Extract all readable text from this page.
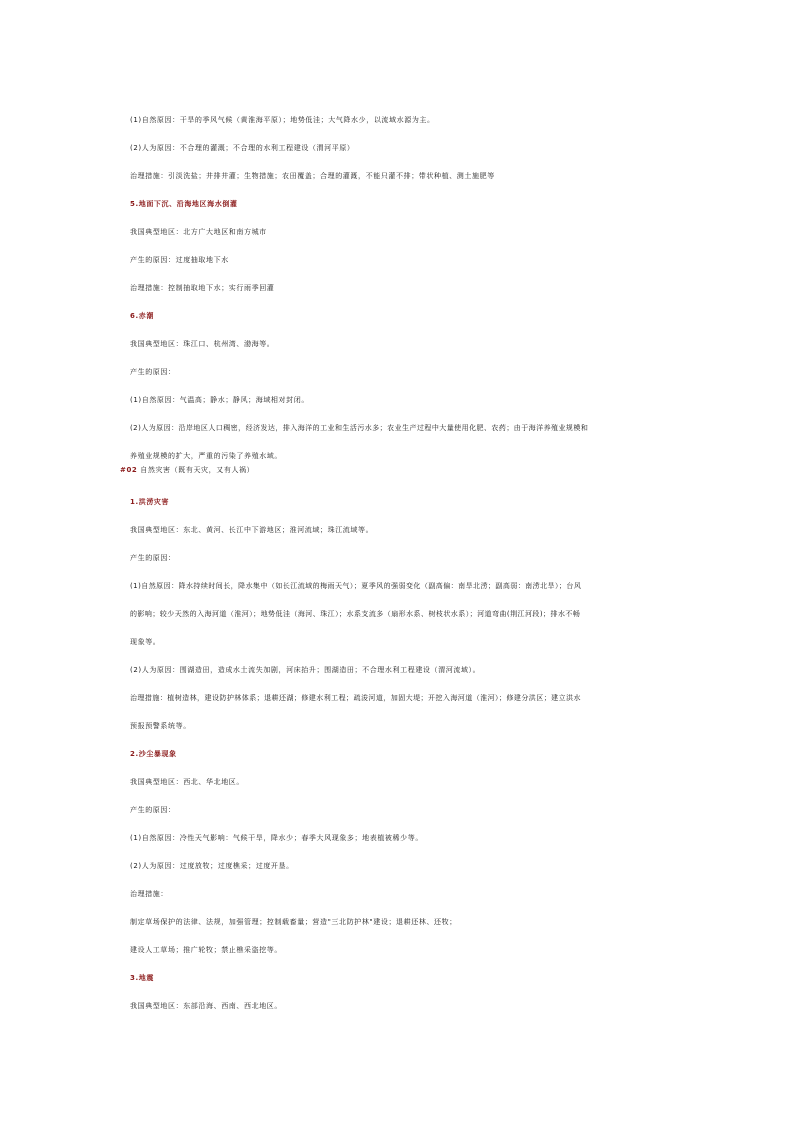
(1)自然原因：干旱的季风气候（黄淮海平原）；地势低洼；大气降水少，以流域水源为主。
(2)人为原因：不合理的灌溉；不合理的水利工程建设（渭河平原）
治理措施：引淡洗盐；井排井灌；生物措施；农田覆盖；合理的灌溉，不能只灌不排；带状种植、测土施肥等
5.地面下沉、沿海地区海水倒灌
我国典型地区：北方广大地区和南方城市
产生的原因：过度抽取地下水
治理措施：控制抽取地下水；实行雨季回灌
6.赤潮
我国典型地区：珠江口、杭州湾、渤海等。
产生的原因：
(1)自然原因：气温高；静水；静风；海域相对封闭。
(2)人为原因：沿岸地区人口稠密，经济发达，排入海洋的工业和生活污水多；农业生产过程中大量使用化肥、农药；由于海洋养殖业规模和
养殖业规模的扩大，严重的污染了养殖水域。
#02 自然灾害（既有天灾，又有人祸）
1.洪涝灾害
我国典型地区：东北、黄河、长江中下游地区；淮河流域；珠江流域等。
产生的原因：
(1)自然原因：降水持续时间长，降水集中（如长江流域的梅雨天气）；夏季风的强弱变化（副高偏：南旱北涝；副高弱：南涝北旱）；台风
的影响；较少天然的入海河道（淮河）；地势低洼（海河、珠江）；水系支流多（扇形水系、树枝状水系）；河道弯曲(荆江河段)；排水不畅
现象等。
(2)人为原因：围湖造田，造成水土流失加剧，河床抬升；围湖造田；不合理水利工程建设（渭河流域）。
治理措施：植树造林，建设防护林体系；退耕还湖；修建水利工程；疏浚河道，加固大堤；开挖入海河道（淮河）；修建分洪区；建立洪水
预报预警系统等。
2.沙尘暴现象
我国典型地区：西北、华北地区。
产生的原因：
(1)自然原因：冷性天气影响：气候干旱，降水少；春季大风现象多；地表植被稀少等。
(2)人为原因：过度放牧；过度樵采；过度开垦。
治理措施：
制定草场保护的法律、法规，加强管理；控制载畜量；营造"三北防护林"建设；退耕还林、还牧；
建设人工草场；推广轮牧；禁止樵采盗挖等。
3.地震
我国典型地区：东部沿海、西南、西北地区。
